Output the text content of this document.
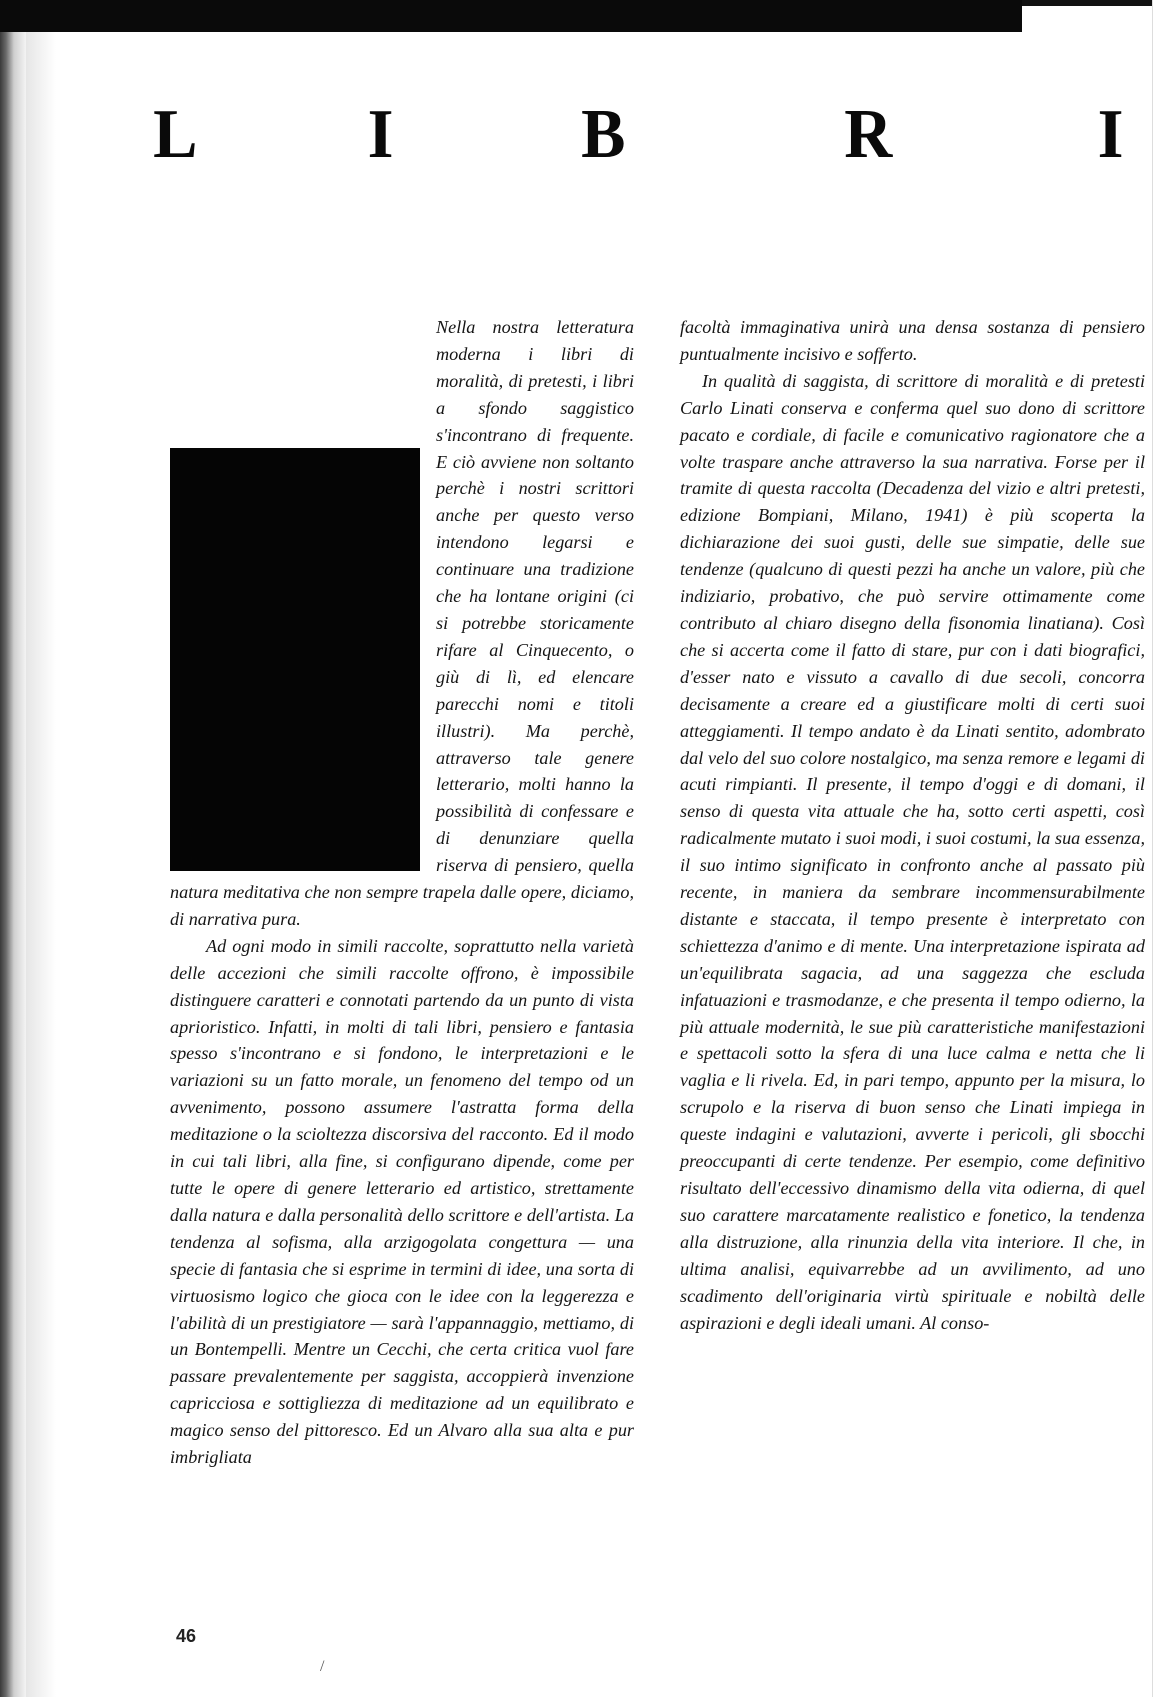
L I	B	R	I

Nella nostra letteratura moderna i libri di moralità, di pretesti, i libri a sfondo saggistico s'incontrano di frequente. E ciò avviene non soltanto perchè i nostri scrittori anche per questo verso intendono legarsi e continuare una tradizione che ha lontane origini (ci si potrebbe storicamente rifare al Cinquecento, o giù di lì, ed elencare parecchi nomi e titoli illustri). Ma perchè, attraverso tale genere letterario, molti hanno la possibilità di confessare e di denunziare quella riserva di pensiero, quella natura meditativa che non sempre trapela dalle opere, diciamo, di narrativa pura.

Ad ogni modo in simili raccolte, soprattutto nella varietà delle accezioni che simili raccolte offrono, è impossibile distinguere caratteri e connotati partendo da un punto di vista aprioristico. Infatti, in molti di tali libri, pensiero e fantasia spesso s'incontrano e si fondono, le interpretazioni e le variazioni su un fatto morale, un fenomeno del tempo od un avvenimento, possono assumere l'astratta forma della meditazione o la scioltezza discorsiva del racconto. Ed il modo in cui tali libri, alla fine, si configurano dipende, come per tutte le opere di genere letterario ed artistico, strettamente dalla natura e dalla personalità dello scrittore e dell'artista. La tendenza al sofisma, alla arzigogolata congettura — una specie di fantasia che si esprime in termini di idee, una sorta di virtuosismo logico che gioca con le idee con la leggerezza e l'abilità di un prestigiatore — sarà l'appannaggio, mettiamo, di un Bontempelli. Mentre un Cecchi, che certa critica vuol fare passare prevalentemente per saggista, accoppierà invenzione capricciosa e sottigliezza di meditazione ad un equilibrato e magico senso del pittoresco. Ed un Alvaro alla sua alta e pur imbrigliata

facoltà immaginativa unirà una densa sostanza di pensiero puntualmente incisivo e sofferto.

In qualità di saggista, di scrittore di moralità e di pretesti Carlo Linati conserva e conferma quel suo dono di scrittore pacato e cordiale, di facile e comunicativo ragionatore che a volte traspare anche attraverso la sua narrativa. Forse per il tramite di questa raccolta (Decadenza del vizio e altri pretesti, edizione Bompiani, Milano, 1941) è più scoperta la dichiarazione dei suoi gusti, delle sue simpatie, delle sue tendenze (qualcuno di questi pezzi ha anche un valore, più che indiziario, probativo, che può servire ottimamente come contributo al chiaro disegno della fisonomia linatiana). Così che si accerta come il fatto di stare, pur con i dati biografici, d'esser nato e vissuto a cavallo di due secoli, concorra decisamente a creare ed a giustificare molti di certi suoi atteggiamenti. Il tempo andato è da Linati sentito, adombrato dal velo del suo colore nostalgico, ma senza remore e legami di acuti rimpianti. Il presente, il tempo d'oggi e di domani, il senso di questa vita attuale che ha, sotto certi aspetti, così radicalmente mutato i suoi modi, i suoi costumi, la sua essenza, il suo intimo significato in confronto anche al passato più recente, in maniera da sembrare incommensurabilmente distante e staccata, il tempo presente è interpretato con schiettezza d'animo e di mente. Una interpretazione ispirata ad un'equilibrata sagacia, ad una saggezza che escluda infatuazioni e trasmodanze, e che presenta il tempo odierno, la più attuale modernità, le sue più caratteristiche manifestazioni e spettacoli sotto la sfera di una luce calma e netta che li vaglia e li rivela. Ed, in pari tempo, appunto per la misura, lo scrupolo e la riserva di buon senso che Linati impiega in queste indagini e valutazioni, avverte i pericoli, gli sbocchi preoccupanti di certe tendenze. Per esempio, come definitivo risultato dell'eccessivo dinamismo della vita odierna, di quel suo carattere marcatamente realistico e fonetico, la tendenza alla distruzione, alla rinunzia della vita interiore. Il che, in ultima analisi, equivarrebbe ad un avvilimento, ad uno scadimento dell'originaria virtù spirituale e nobiltà delle aspirazioni e degli ideali umani. Al conso-

46
/
